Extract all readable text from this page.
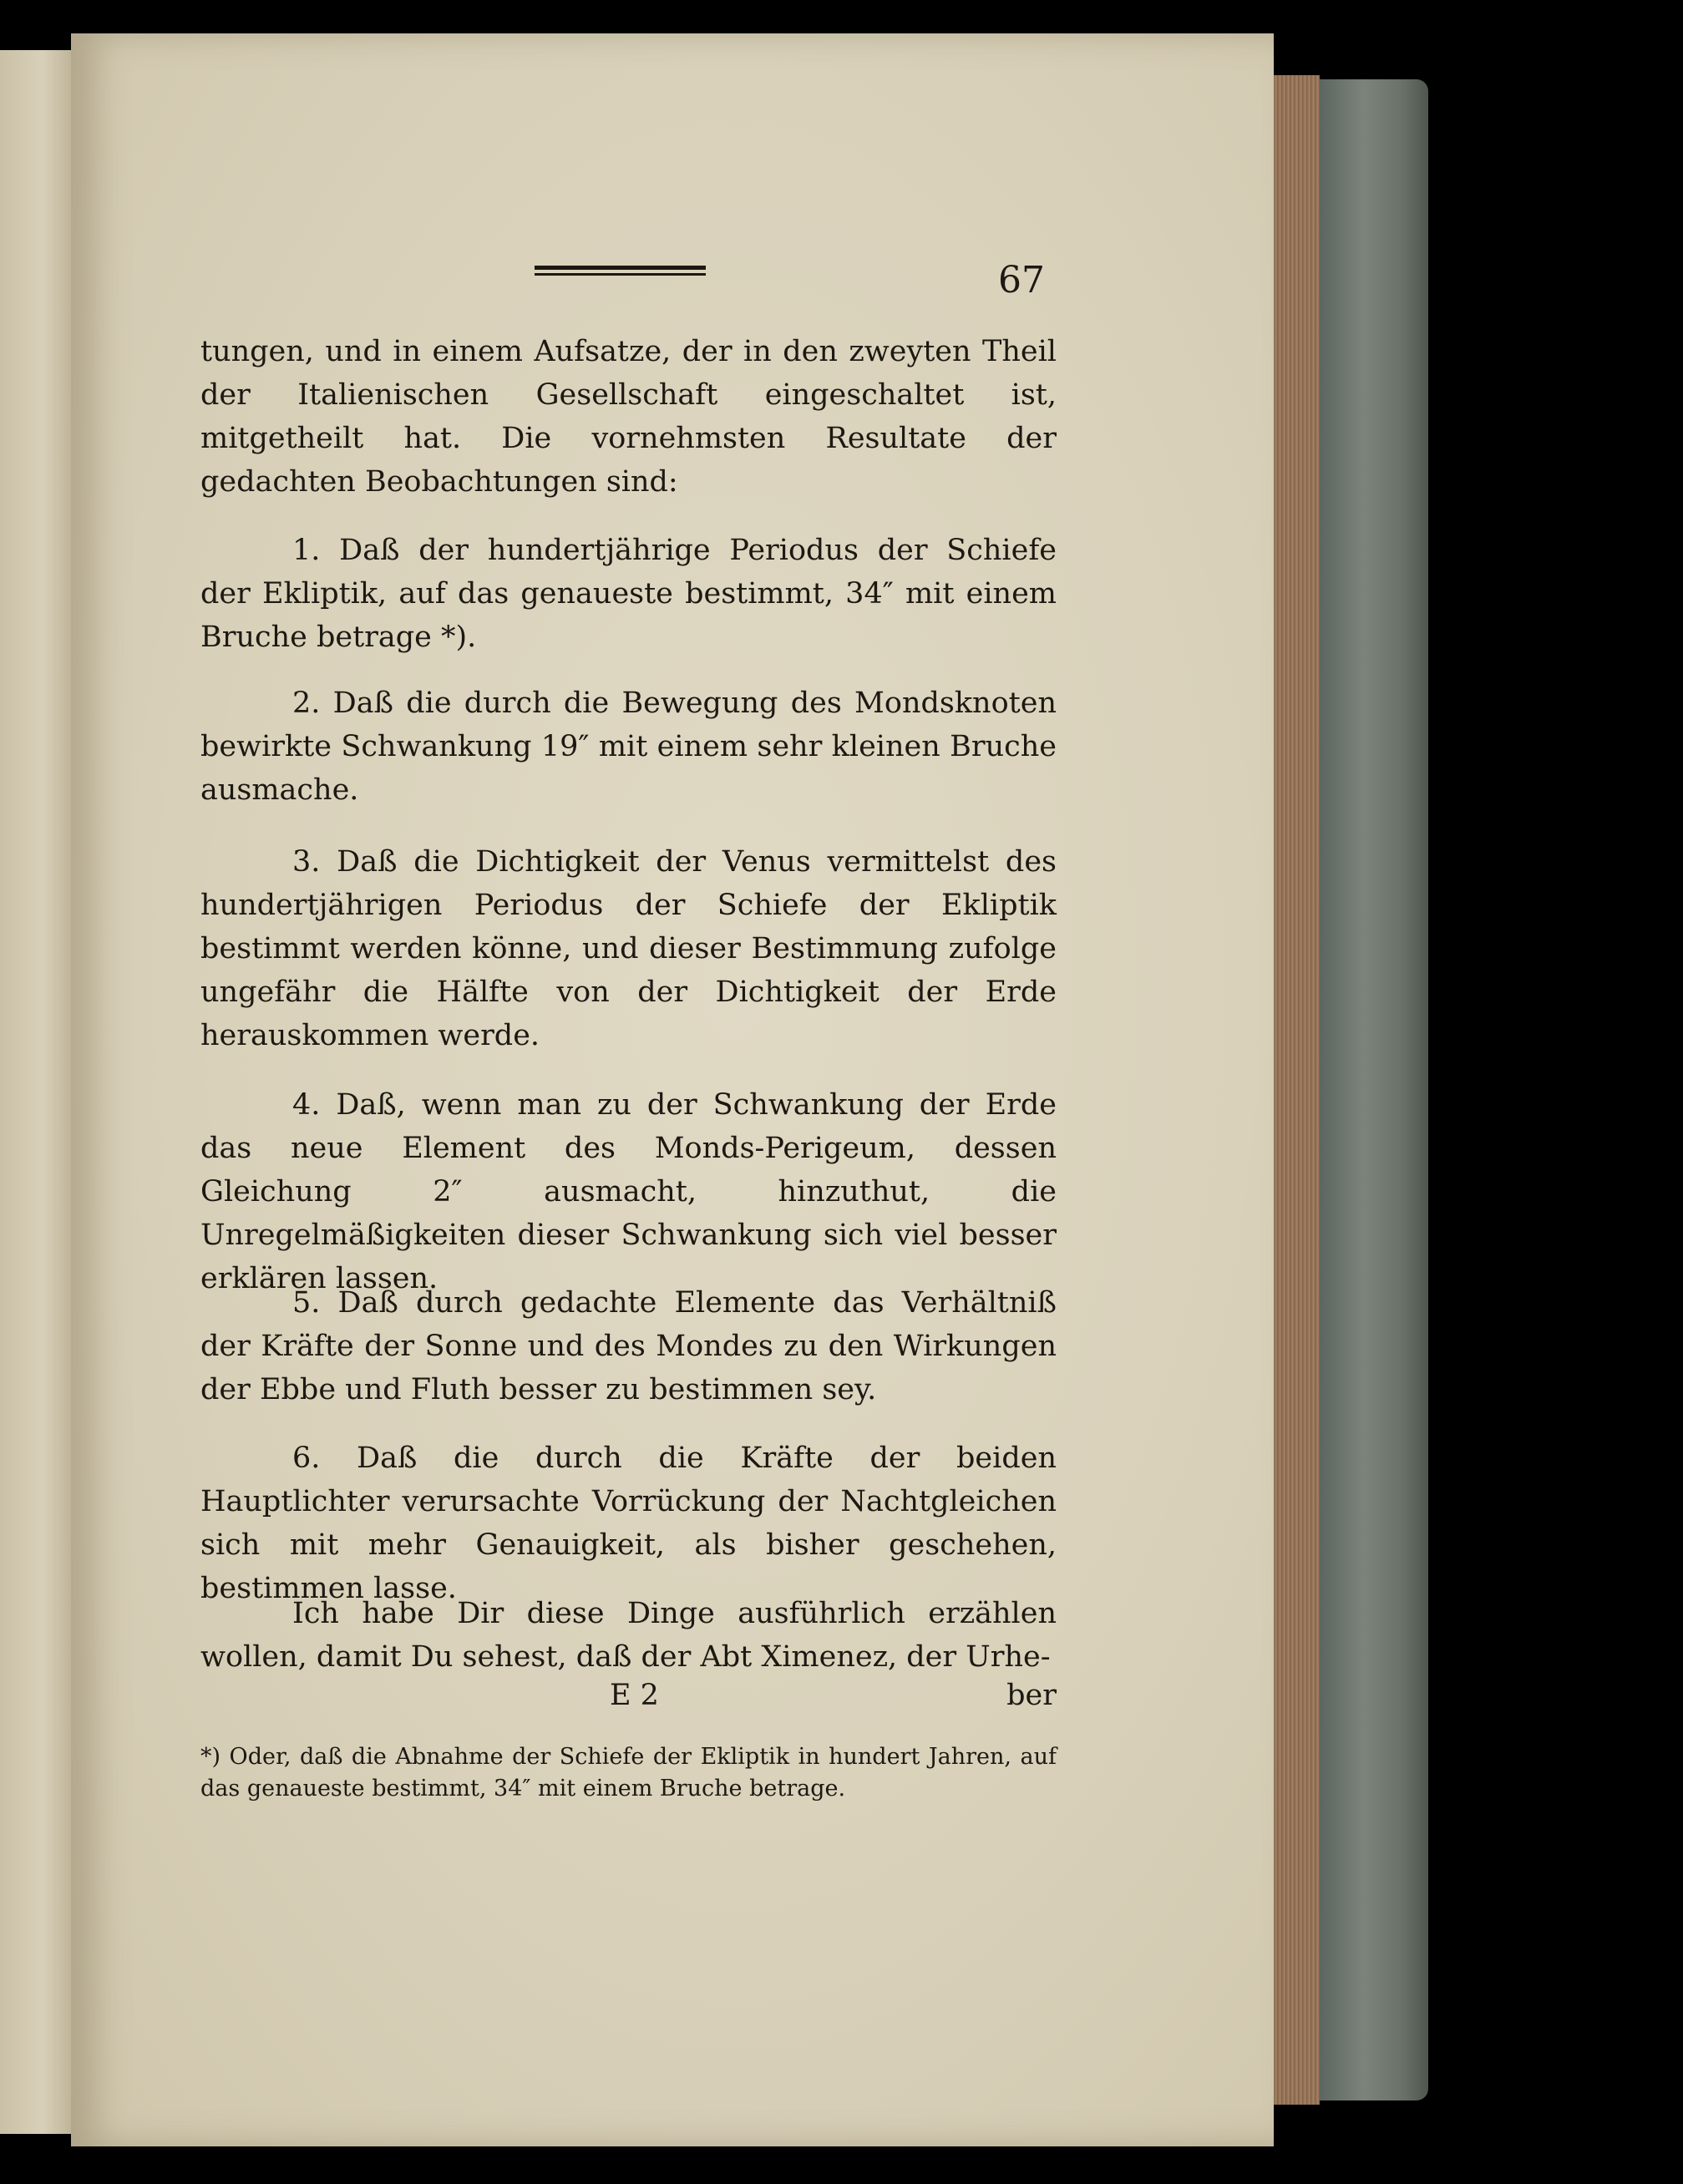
67

tungen, und in einem Aufsatze, der in den zweyten Theil der Italienischen Gesellschaft eingeschaltet ist, mitgetheilt hat. Die vornehmsten Resultate der gedachten Beobachtungen sind:

1. Daß der hundertjährige Periodus der Schiefe der Ekliptik, auf das genaueste bestimmt, 34″ mit einem Bruche betrage *).

2. Daß die durch die Bewegung des Mondsknoten bewirkte Schwankung 19″ mit einem sehr kleinen Bruche ausmache.

3. Daß die Dichtigkeit der Venus vermittelst des hundertjährigen Periodus der Schiefe der Ekliptik bestimmt werden könne, und dieser Bestimmung zufolge ungefähr die Hälfte von der Dichtigkeit der Erde herauskommen werde.

4. Daß, wenn man zu der Schwankung der Erde das neue Element des Monds-Perigeum, dessen Gleichung 2″ ausmacht, hinzuthut, die Unregelmäßigkeiten dieser Schwankung sich viel besser erklären lassen.

5. Daß durch gedachte Elemente das Verhältniß der Kräfte der Sonne und des Mondes zu den Wirkungen der Ebbe und Fluth besser zu bestimmen sey.

6. Daß die durch die Kräfte der beiden Hauptlichter verursachte Vorrückung der Nachtgleichen sich mit mehr Genauigkeit, als bisher geschehen, bestimmen lasse.

Ich habe Dir diese Dinge ausführlich erzählen wollen, damit Du sehest, daß der Abt Ximenez, der Urhe-

E 2	ber

*) Oder, daß die Abnahme der Schiefe der Ekliptik in hundert Jahren, auf das genaueste bestimmt, 34″ mit einem Bruche betrage.
